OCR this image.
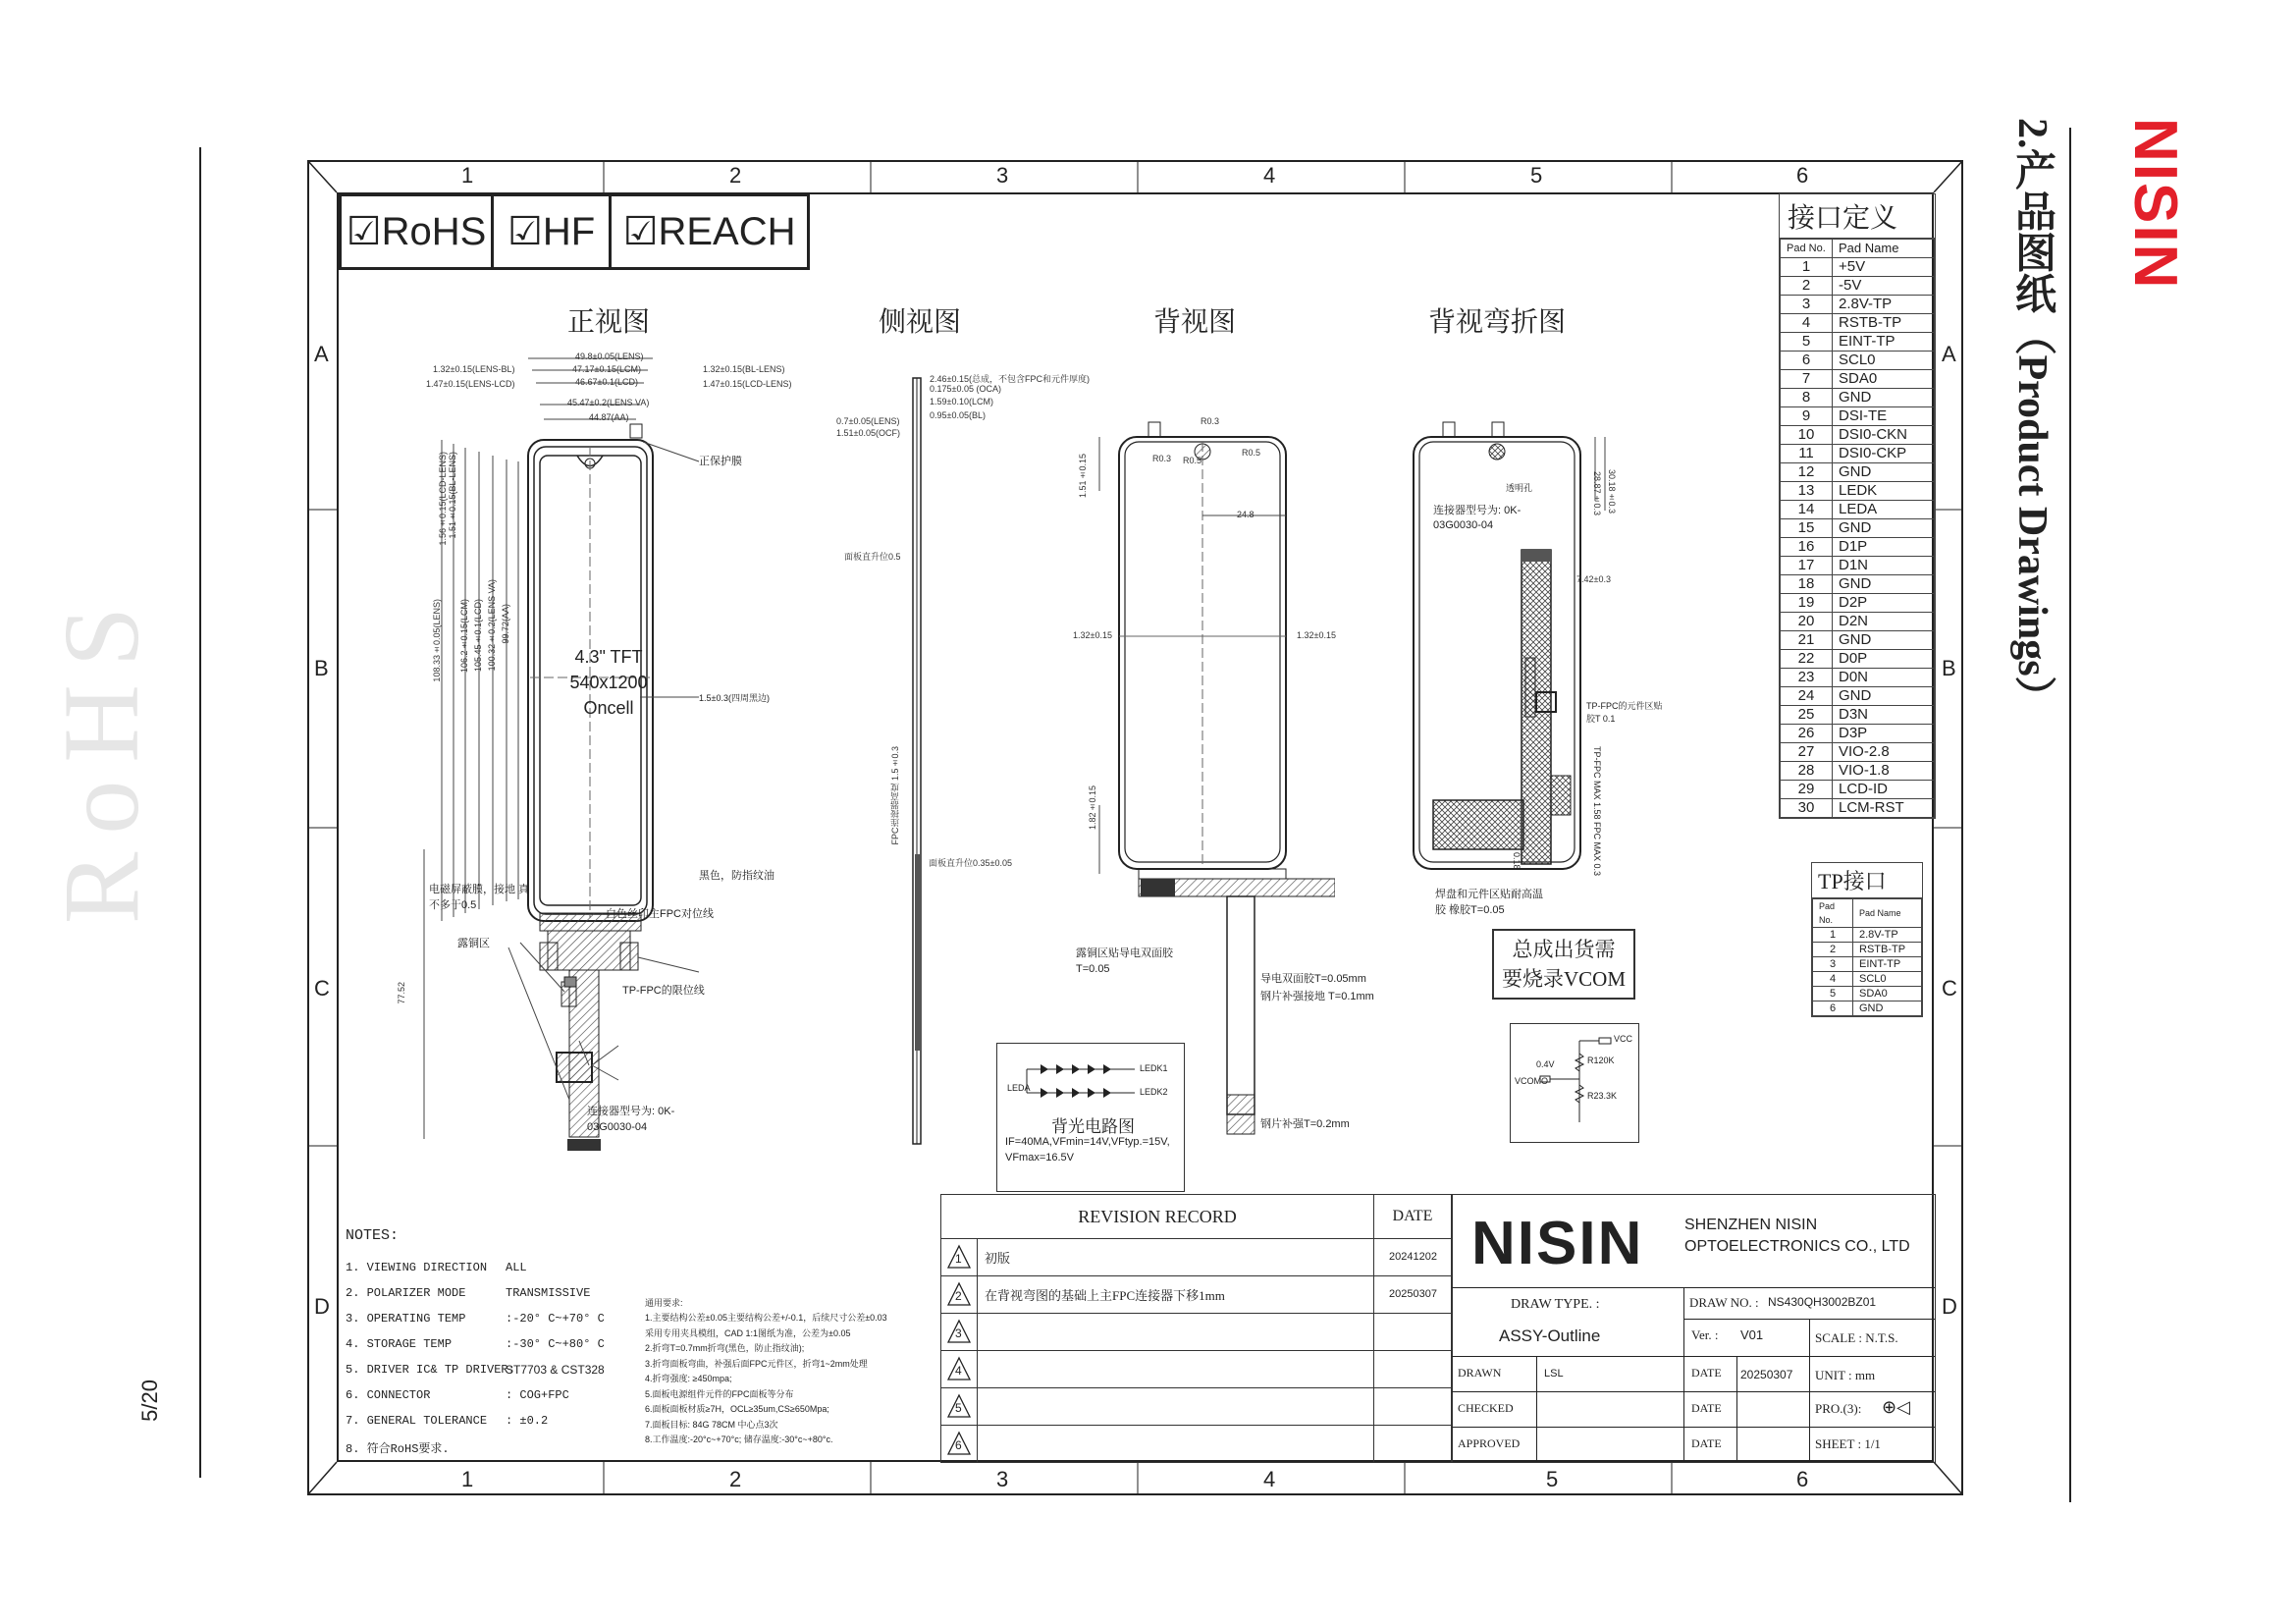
5/20
RoHS
2.产品图纸（Product Drawings） NISIN
1	2	3	4	5	6
1	2	3	4	5	6
A
B
C
D
A
B
C
D
☑ RoHS ☑ HF ☑ REACH
正视图	侧视图	背视图	背视弯折图
4.3" TFT
540x1200
Oncell
49.8±0.05(LENS)
47.17±0.15(LCM)
46.67±0.1(LCD)
45.47±0.2(LENS VA)
44.87(AA)
1.32±0.15(LENS-BL)
1.47±0.15(LENS-LCD)
1.32±0.15(BL-LENS)
1.47±0.15(LCD-LENS)
1.56±0.15(LCD-LENS) 1.51±0.15(BL-LENS)
99.72(AA)
100.32±0.2(LENS VA)
105.45±0.1(LCD)
106.2±0.15(LCM)
108.33±0.05(LENS)
77.52
正保护膜
1.5±0.3(四周黑边)
黑色，防指纹油
电磁屏蔽膜，接地 真不多于0.5
白色丝印主FPC对位线
露铜区
TP-FPC的限位线
连接器型号为: 0K-03G0030-04
2.46±0.15(总成，不包含FPC和元件厚度)
0.175±0.05 (OCA)
1.59±0.10(LCM)
0.95±0.05(BL)
0.7±0.05(LENS)
1.51±0.05(OCF)
面板直升位0.5
面板直升位0.35±0.05
FPC连接器高度 1.5±0.3
R0.3
R0.5
R0.3 R0.5
24.8
1.32±0.15	1.32±0.15
1.51±0.15
1.82±0.15
露铜区贴导电双面胶 T=0.05
导电双面胶T=0.05mm
钢片补强接地 T=0.1mm
钢片补强T=0.2mm
透明孔
连接器型号为: 0K-03G0030-04
7.42±0.3
28.87±0.3 30.18±0.3
TP-FPC的元件区贴胶T 0.1
TP-FPC MAX 1.58 FPC MAX 0.3
焊盘和元件区贴耐高温胶 橡胶T=0.05
0.18
总成出货需 要烧录VCOM
LEDA
LEDK1
LEDK2
背光电路图
IF=40MA,VFmin=14V,VFtyp.=15V,
VFmax=16.5V
VCC
R120K
R23.3K
0.4V
VCOMO
接口定义
Pad No.	Pad Name
1	+5V
2	-5V
3	2.8V-TP
4	RSTB-TP
5	EINT-TP
6	SCL0
7	SDA0
8	GND
9	DSI-TE
10	DSI0-CKN
11	DSI0-CKP
12	GND
13	LEDK
14	LEDA
15	GND
16	D1P
17	D1N
18	GND
19	D2P
20	D2N
21	GND
22	D0P
23	D0N
24	GND
25	D3N
26	D3P
27	VIO-2.8
28	VIO-1.8
29	LCD-ID
30	LCM-RST
TP接口
Pad No.	Pad Name
1	2.8V-TP
2	RSTB-TP
3	EINT-TP
4	SCL0
5	SDA0
6	GND
NOTES:
1. VIEWING DIRECTION ALL
2. POLARIZER MODE	TRANSMISSIVE
3. OPERATING TEMP	:-20° C~+70° C
4. STORAGE TEMP	:-30° C~+80° C
5. DRIVER IC& TP DRIVER:
ST7703 & CST328
6. CONNECTOR	: COG+FPC
7. GENERAL TOLERANCE : ±0.2
8. 符合RoHS要求.
通用要求:
1.主要结构公差±0.05主要结构公差+/-0.1，后续尺寸公差±0.03
采用专用夹具模组，CAD 1:1图纸为准，公差为±0.05
2.折弯T=0.7mm折弯(黑色，防止指纹油);
3.折弯面板弯曲，补强后面FPC元件区，折弯1~2mm处理
4.折弯强度: ≥450mpa;
5.面板电源组件元件的FPC面板等分布
6.面板面板材质≥7H，OCL≥35um,CS≥650Mpa;
7.面板目标: 84G 78CM 中心点3次
8.工作温度:-20°c~+70°c; 储存温度:-30°c~+80°c.
REVISION RECORD	DATE
1 初版	20241202
2 在背视弯图的基础上主FPC连接器下移1mm	20250307
3
4
5
6
NISIN	SHENZHEN NISIN
OPTOELECTRONICS CO., LTD
DRAW TYPE. :
ASSY-Outline
DRAW NO. : NS430QH3002BZ01
Ver. : V01	SCALE : N.T.S.
DRAWN	LSL	DATE 20250307 UNIT : mm
CHECKED	DATE	PRO.(3): ⊕◁
APPROVED	DATE	SHEET : 1/1
